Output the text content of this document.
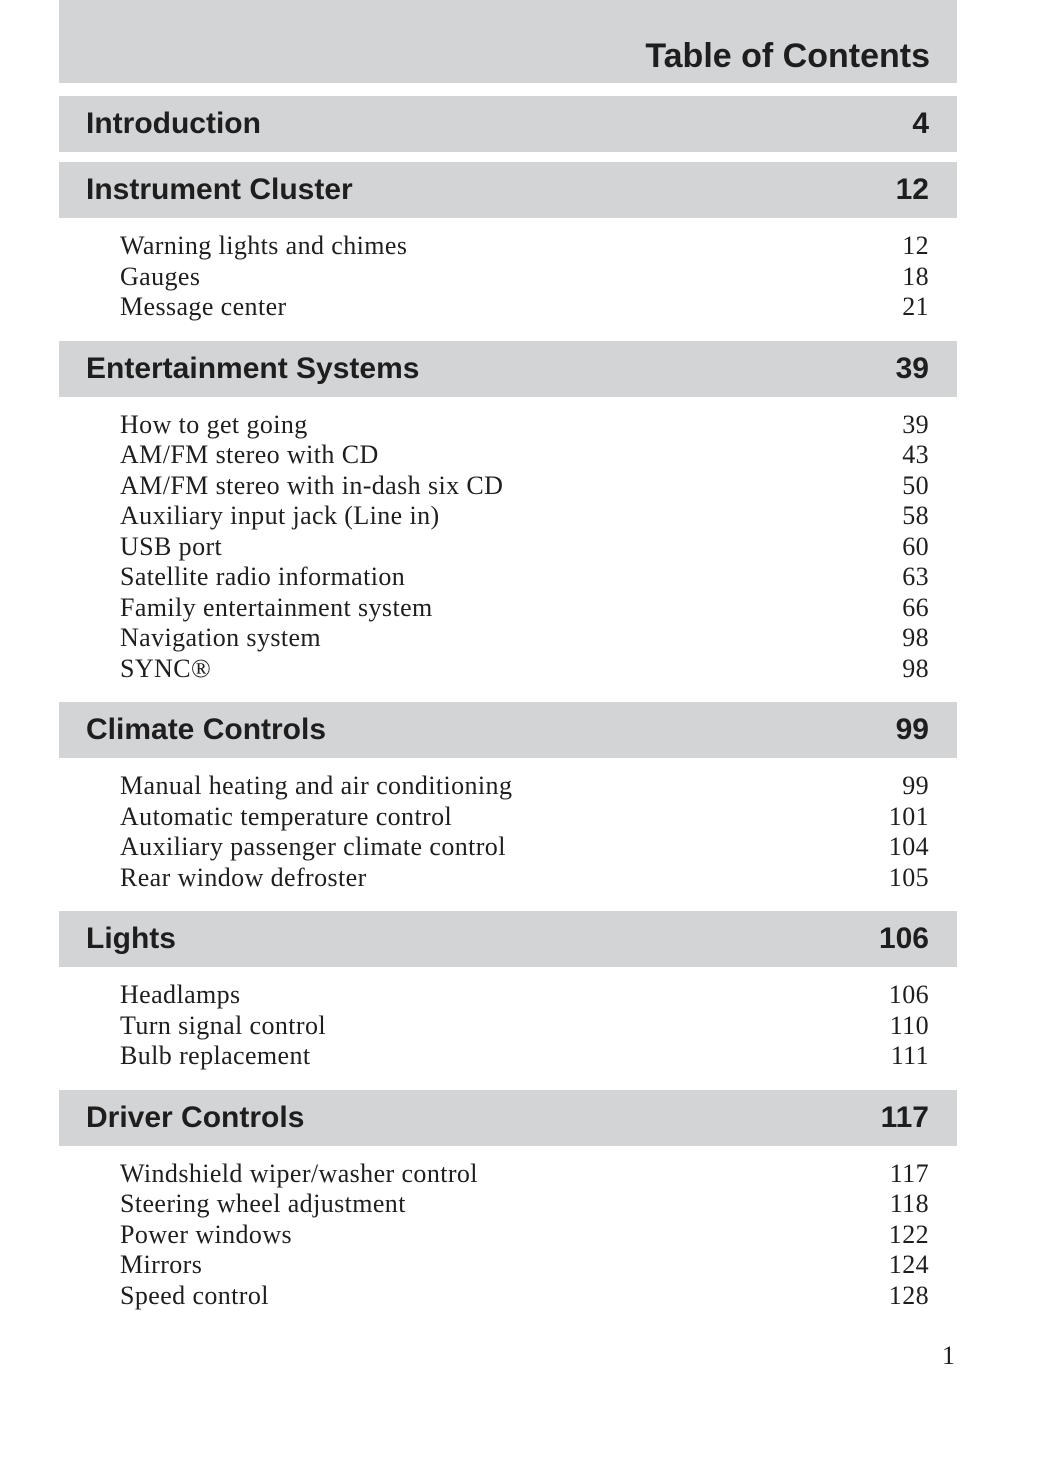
Table of Contents
Introduction	4
Instrument Cluster	12
Warning lights and chimes	12
Gauges	18
Message center	21
Entertainment Systems	39
How to get going	39
AM/FM stereo with CD	43
AM/FM stereo with in-dash six CD	50
Auxiliary input jack (Line in)	58
USB port	60
Satellite radio information	63
Family entertainment system	66
Navigation system	98
SYNC®	98
Climate Controls	99
Manual heating and air conditioning	99
Automatic temperature control	101
Auxiliary passenger climate control	104
Rear window defroster	105
Lights	106
Headlamps	106
Turn signal control	110
Bulb replacement	111
Driver Controls	117
Windshield wiper/washer control	117
Steering wheel adjustment	118
Power windows	122
Mirrors	124
Speed control	128
1
